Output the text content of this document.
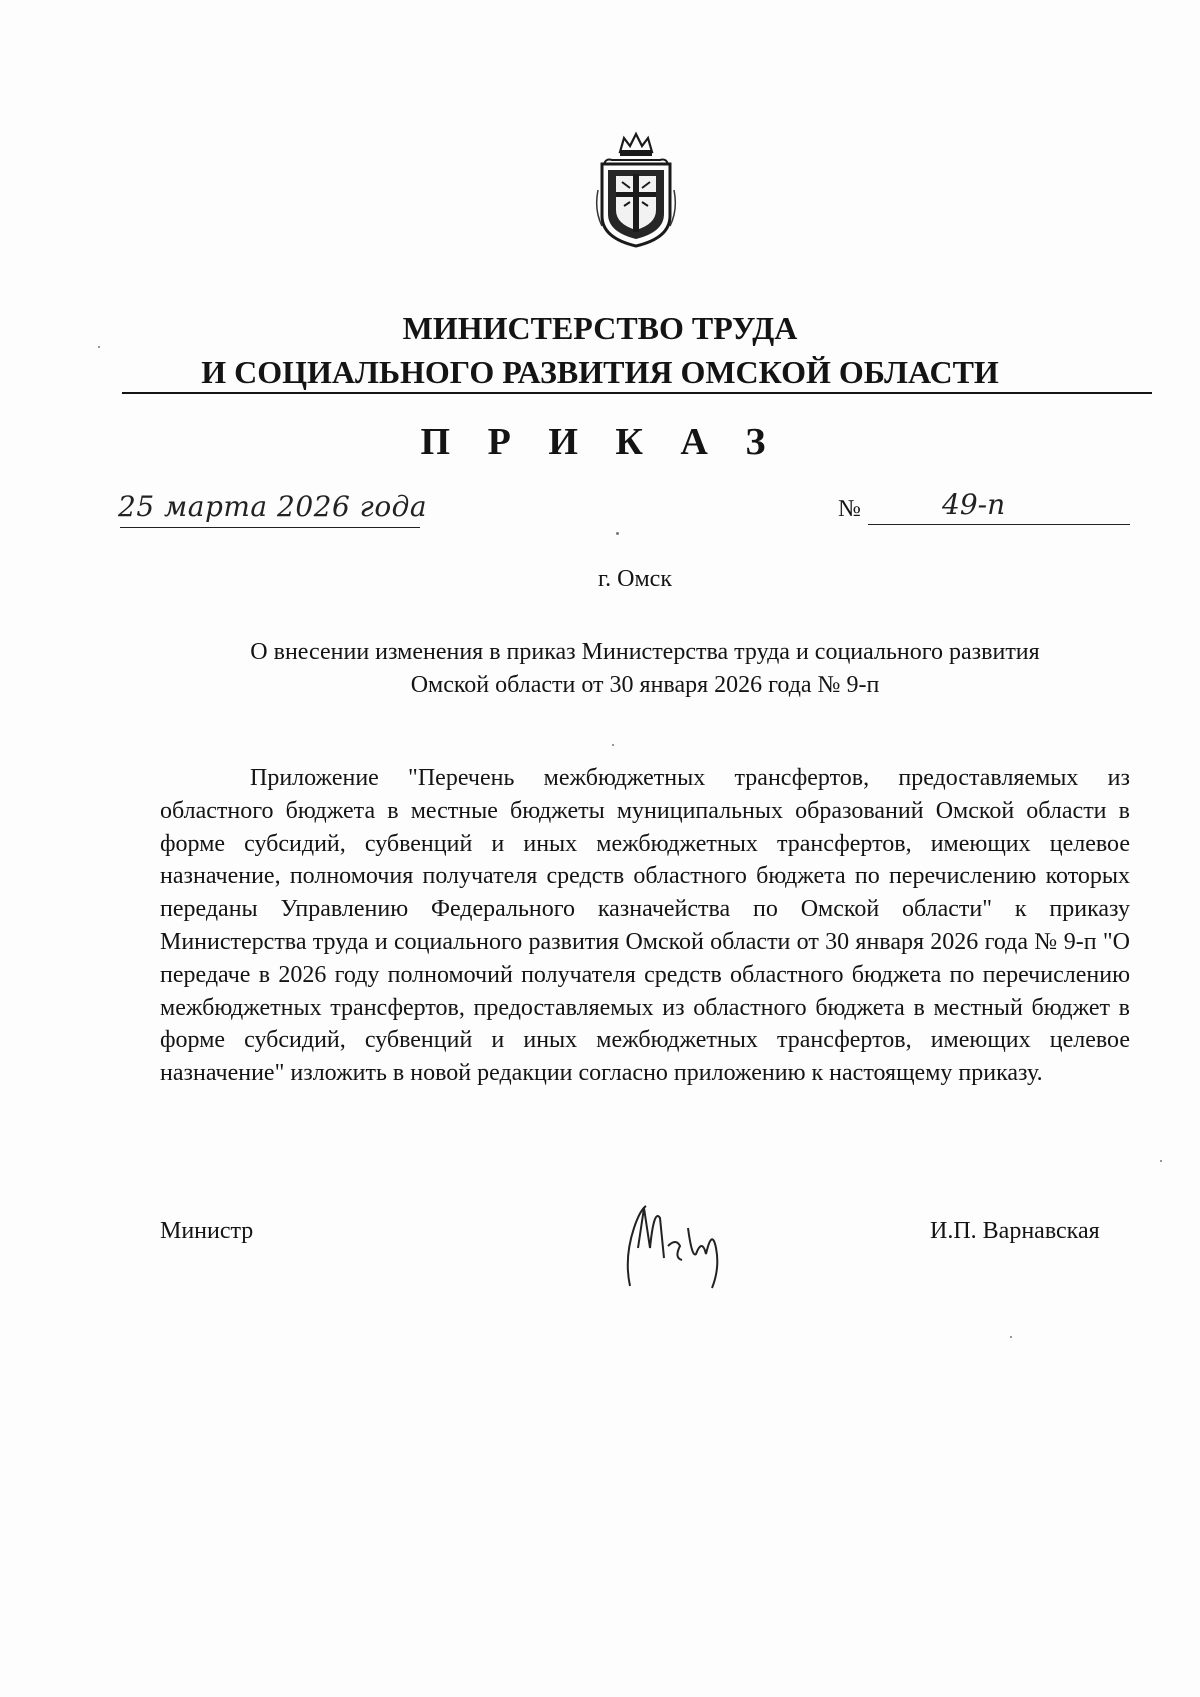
МИНИСТЕРСТВО ТРУДА
И СОЦИАЛЬНОГО РАЗВИТИЯ ОМСКОЙ ОБЛАСТИ
П Р И К А З
25 марта 2026 года	№	49-п
г. Омск
О внесении изменения в приказ Министерства труда и социального развития
Омской области от 30 января 2026 года № 9-п
Приложение "Перечень межбюджетных трансфертов, предоставляемых из областного бюджета в местные бюджеты муниципальных образований Омской области в форме субсидий, субвенций и иных межбюджетных трансфертов, имеющих целевое назначение, полномочия получателя средств областного бюджета по перечислению которых переданы Управлению Федерального казначейства по Омской области" к приказу Министерства труда и социального развития Омской области от 30 января 2026 года № 9-п "О передаче в 2026 году полномочий получателя средств областного бюджета по перечислению межбюджетных трансфертов, предоставляемых из областного бюджета в местный бюджет в форме субсидий, субвенций и иных межбюджетных трансфертов, имеющих целевое назначение" изложить в новой редакции согласно приложению к настоящему приказу.
Министр	И.П. Варнавская
